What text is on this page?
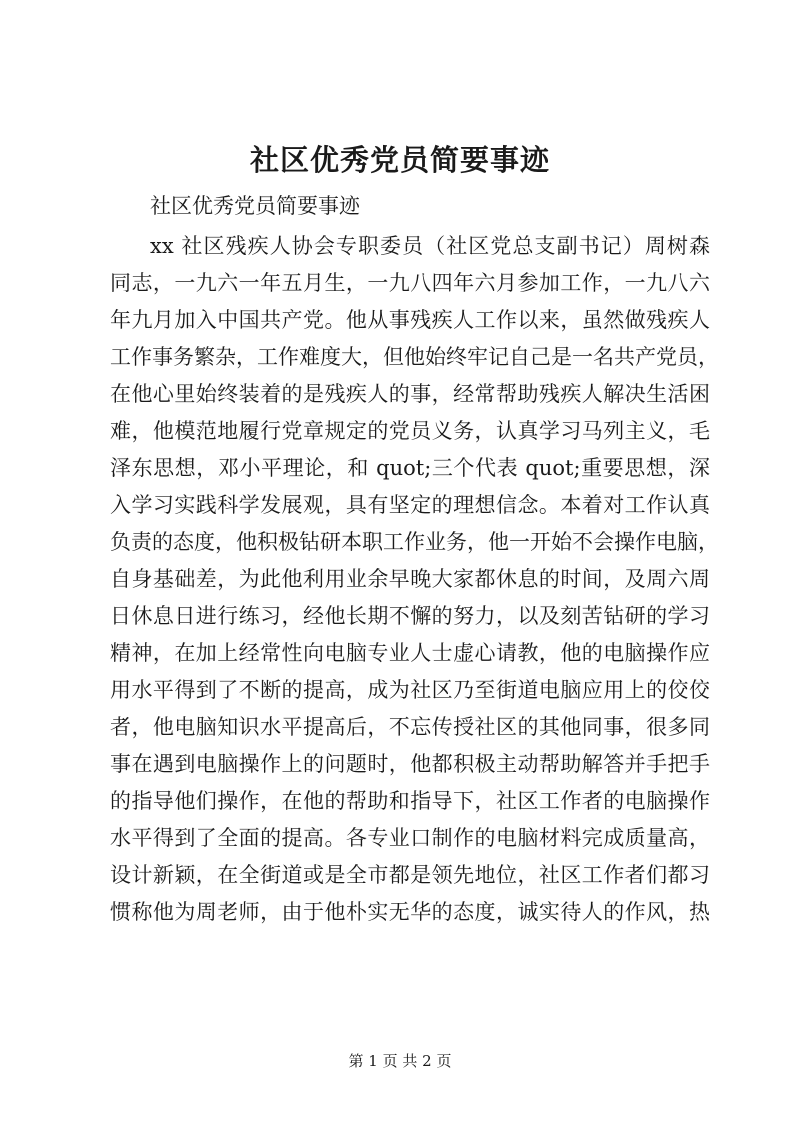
社区优秀党员简要事迹
社区优秀党员简要事迹
xx 社区残疾人协会专职委员（社区党总支副书记）周树森
同志，一九六一年五月生，一九八四年六月参加工作，一九八六
年九月加入中国共产党。他从事残疾人工作以来，虽然做残疾人
工作事务繁杂，工作难度大，但他始终牢记自己是一名共产党员，
在他心里始终装着的是残疾人的事，经常帮助残疾人解决生活困
难，他模范地履行党章规定的党员义务，认真学习马列主义，毛
泽东思想，邓小平理论，和 quot;三个代表 quot;重要思想，深
入学习实践科学发展观，具有坚定的理想信念。本着对工作认真
负责的态度，他积极钻研本职工作业务，他一开始不会操作电脑，
自身基础差，为此他利用业余早晚大家都休息的时间，及周六周
日休息日进行练习，经他长期不懈的努力，以及刻苦钻研的学习
精神，在加上经常性向电脑专业人士虚心请教，他的电脑操作应
用水平得到了不断的提高，成为社区乃至街道电脑应用上的佼佼
者，他电脑知识水平提高后，不忘传授社区的其他同事，很多同
事在遇到电脑操作上的问题时，他都积极主动帮助解答并手把手
的指导他们操作，在他的帮助和指导下，社区工作者的电脑操作
水平得到了全面的提高。各专业口制作的电脑材料完成质量高，
设计新颖，在全街道或是全市都是领先地位，社区工作者们都习
惯称他为周老师，由于他朴实无华的态度，诚实待人的作风，热
第 1 页 共 2 页
